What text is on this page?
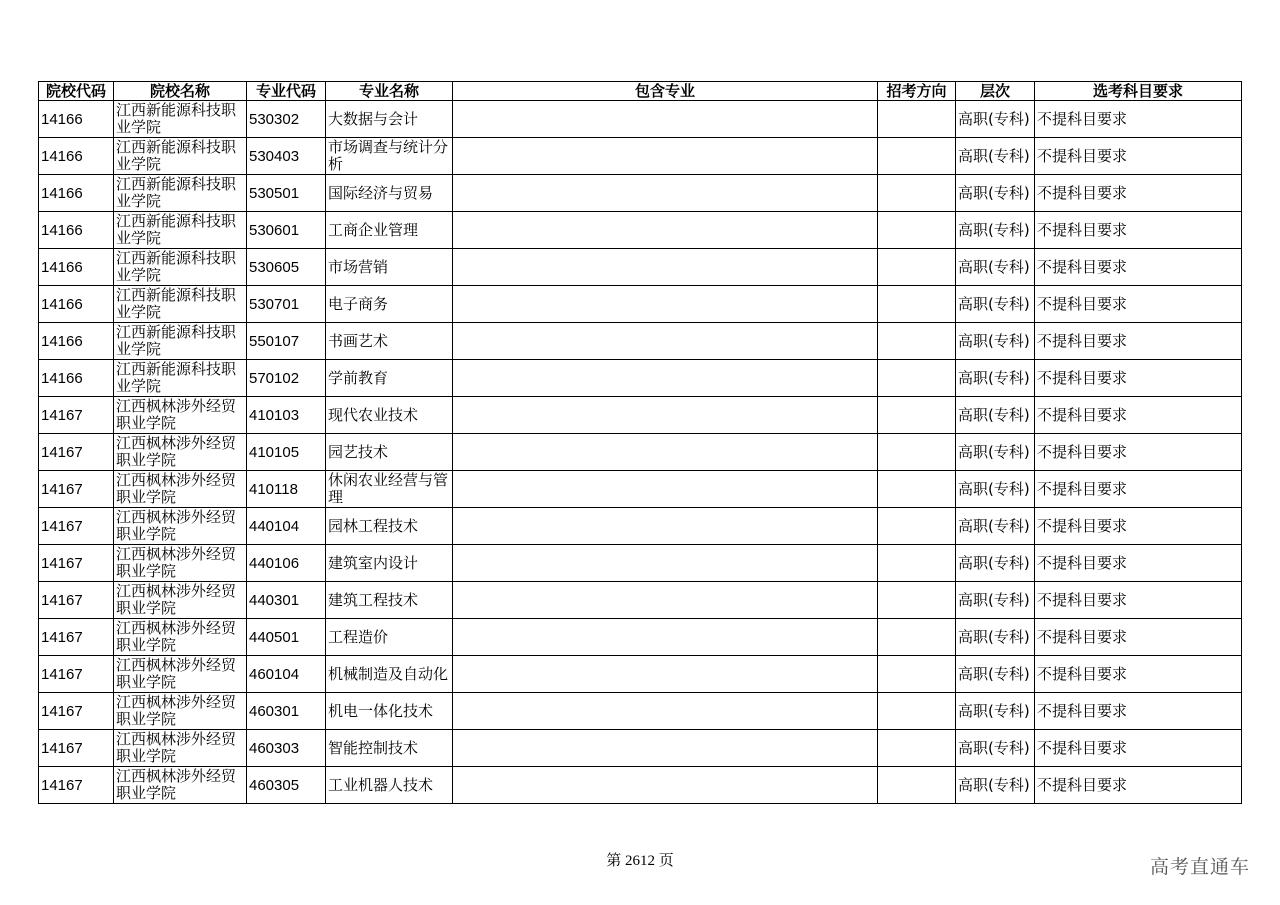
院校代码	院校名称	专业代码	专业名称	包含专业	招考方向	层次	选考科目要求
14166	江西新能源科技职业学院	530302	大数据与会计			高职(专科)	不提科目要求
14166	江西新能源科技职业学院	530403	市场调查与统计分析			高职(专科)	不提科目要求
14166	江西新能源科技职业学院	530501	国际经济与贸易			高职(专科)	不提科目要求
14166	江西新能源科技职业学院	530601	工商企业管理			高职(专科)	不提科目要求
14166	江西新能源科技职业学院	530605	市场营销			高职(专科)	不提科目要求
14166	江西新能源科技职业学院	530701	电子商务			高职(专科)	不提科目要求
14166	江西新能源科技职业学院	550107	书画艺术			高职(专科)	不提科目要求
14166	江西新能源科技职业学院	570102	学前教育			高职(专科)	不提科目要求
14167	江西枫林涉外经贸职业学院	410103	现代农业技术			高职(专科)	不提科目要求
14167	江西枫林涉外经贸职业学院	410105	园艺技术			高职(专科)	不提科目要求
14167	江西枫林涉外经贸职业学院	410118	休闲农业经营与管理			高职(专科)	不提科目要求
14167	江西枫林涉外经贸职业学院	440104	园林工程技术			高职(专科)	不提科目要求
14167	江西枫林涉外经贸职业学院	440106	建筑室内设计			高职(专科)	不提科目要求
14167	江西枫林涉外经贸职业学院	440301	建筑工程技术			高职(专科)	不提科目要求
14167	江西枫林涉外经贸职业学院	440501	工程造价			高职(专科)	不提科目要求
14167	江西枫林涉外经贸职业学院	460104	机械制造及自动化			高职(专科)	不提科目要求
14167	江西枫林涉外经贸职业学院	460301	机电一体化技术			高职(专科)	不提科目要求
14167	江西枫林涉外经贸职业学院	460303	智能控制技术			高职(专科)	不提科目要求
14167	江西枫林涉外经贸职业学院	460305	工业机器人技术			高职(专科)	不提科目要求
第 2612 页	高考直通车
